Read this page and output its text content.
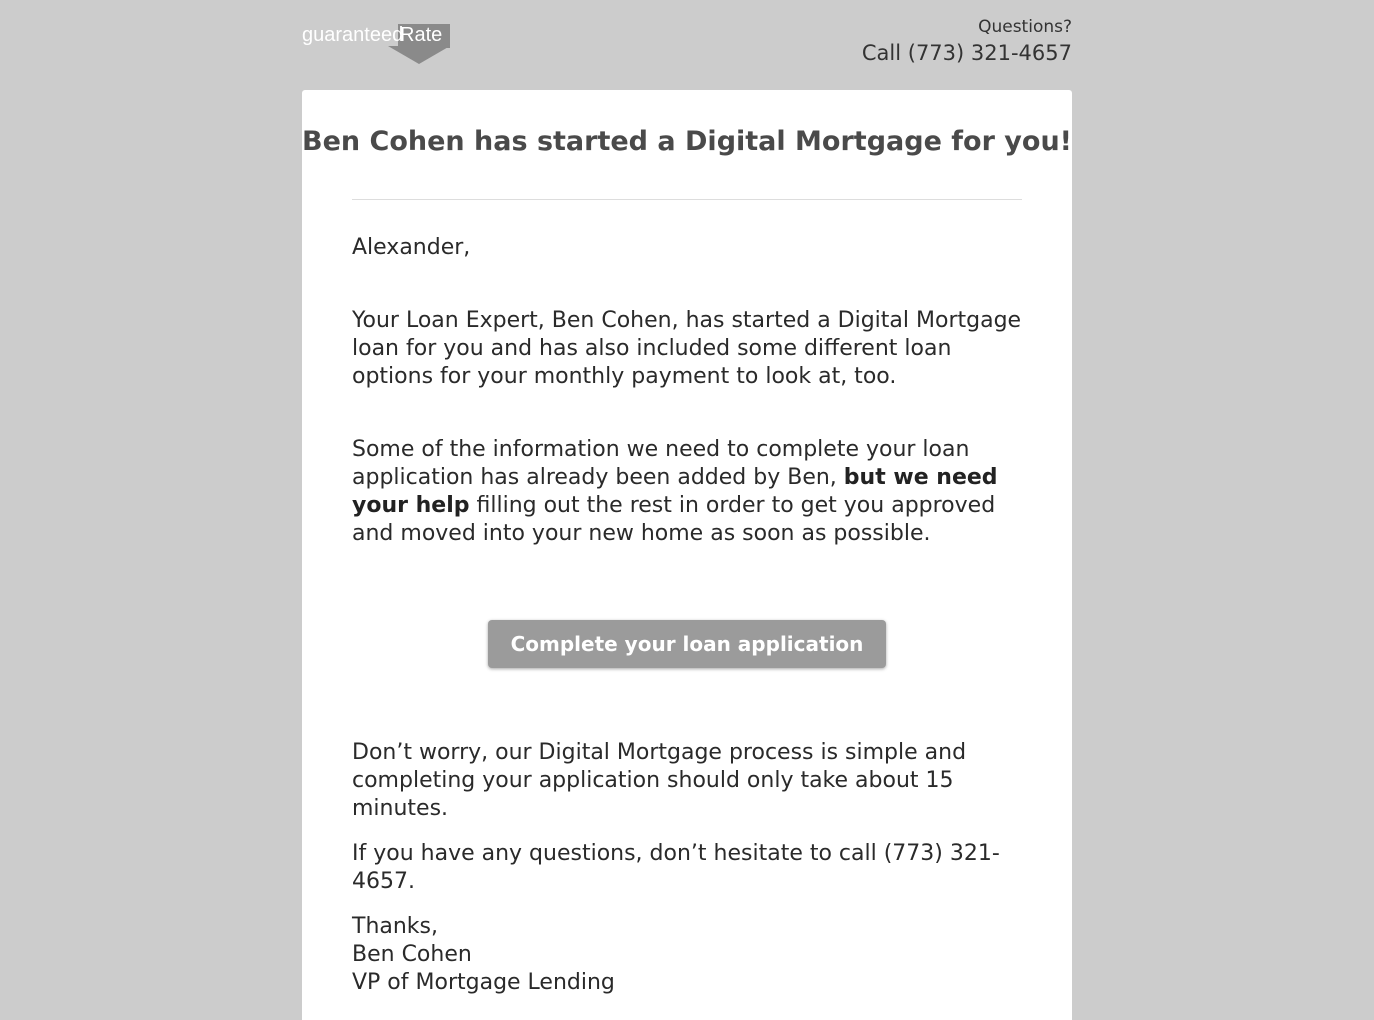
guaranteed
Rate	Questions?
Call (773) 321-4657
Ben Cohen has started a Digital Mortgage for you!

Alexander,

Your Loan Expert, Ben Cohen, has started a Digital Mortgage loan for you and has also included some different loan options for your monthly payment to look at, too.

Some of the information we need to complete your loan application has already been added by Ben, but we need your help filling out the rest in order to get you approved and moved into your new home as soon as possible.

Complete your loan application

Don’t worry, our Digital Mortgage process is simple and completing your application should only take about 15 minutes.

If you have any questions, don’t hesitate to call (773) 321-4657.

Thanks,
Ben Cohen
VP of Mortgage Lending
